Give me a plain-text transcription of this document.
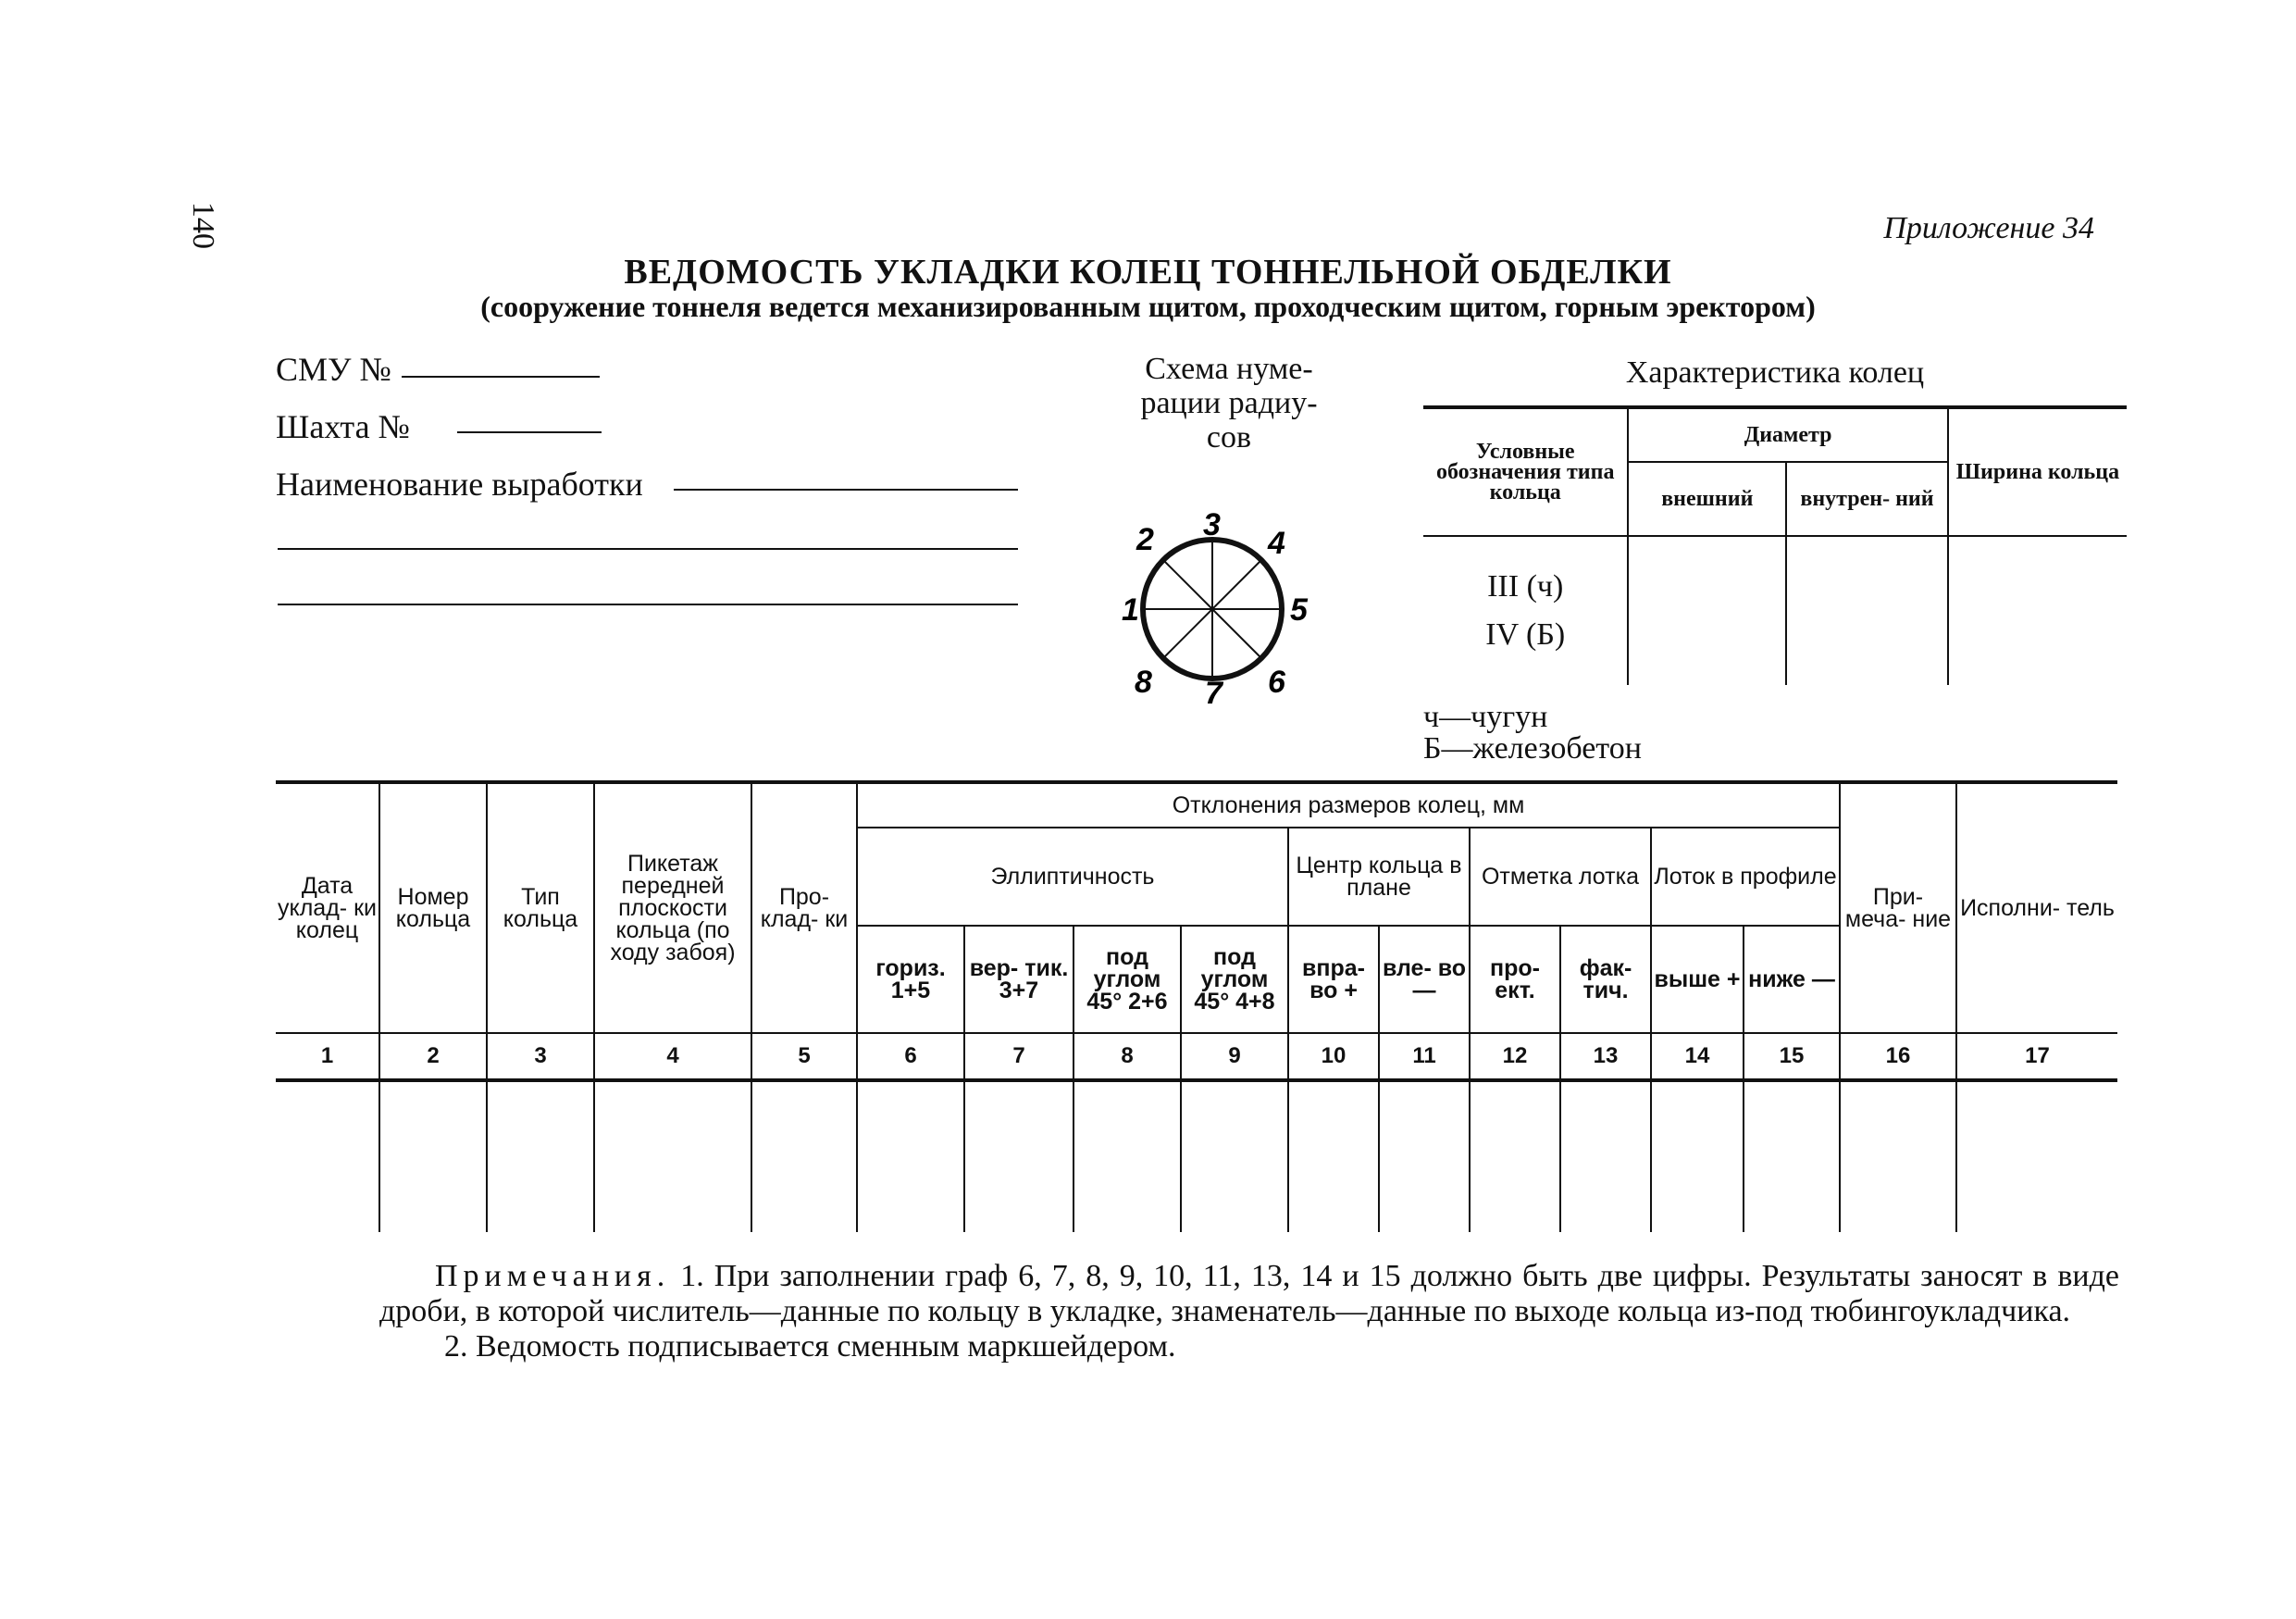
140	Приложение 34
ВЕДОМОСТЬ УКЛАДКИ КОЛЕЦ ТОННЕЛЬНОЙ ОБДЕЛКИ
(сооружение тоннеля ведется механизированным щитом, проходческим щитом, горным эректором)
СМУ №
Шахта №
Наименование выработки
Схема нуме-
рации радиу-
сов
1
2 3
4
5
6
7
8
Характеристика колец
Условные обозначения типа кольца	Диаметр		Ширина кольца
	внешний	внутрен- ний	

III (ч)
IV (Б)			

ч—чугун
Б—железобетон
Дата уклад- ки колец	Номер кольца	Тип кольца	Пикетаж передней плоскости кольца (по ходу забоя)	Про- клад- ки	Отклонения размеров колец, мм										При- меча- ние	Исполни- тель
					Эллиптичность				Центр кольца в плане		Отметка лотка		Лоток в профиле			
					гориз. 1+5	вер- тик. 3+7	под углом 45° 2+6	под углом 45° 4+8	впра- во +	вле- во —	про- ект.	фак- тич.	выше +	ниже —		
1	2	3	4	5	6	7	8	9	10	11	12	13	14	15	16	17

Примечания. 1. При заполнении граф 6, 7, 8, 9, 10, 11, 13, 14 и 15 должно быть две цифры. Результаты заносят в виде дроби, в которой числитель—данные по кольцу в укладке, знаменатель—данные по выходе кольца из-под тюбингоукладчика.

2. Ведомость подписывается сменным маркшейдером.
